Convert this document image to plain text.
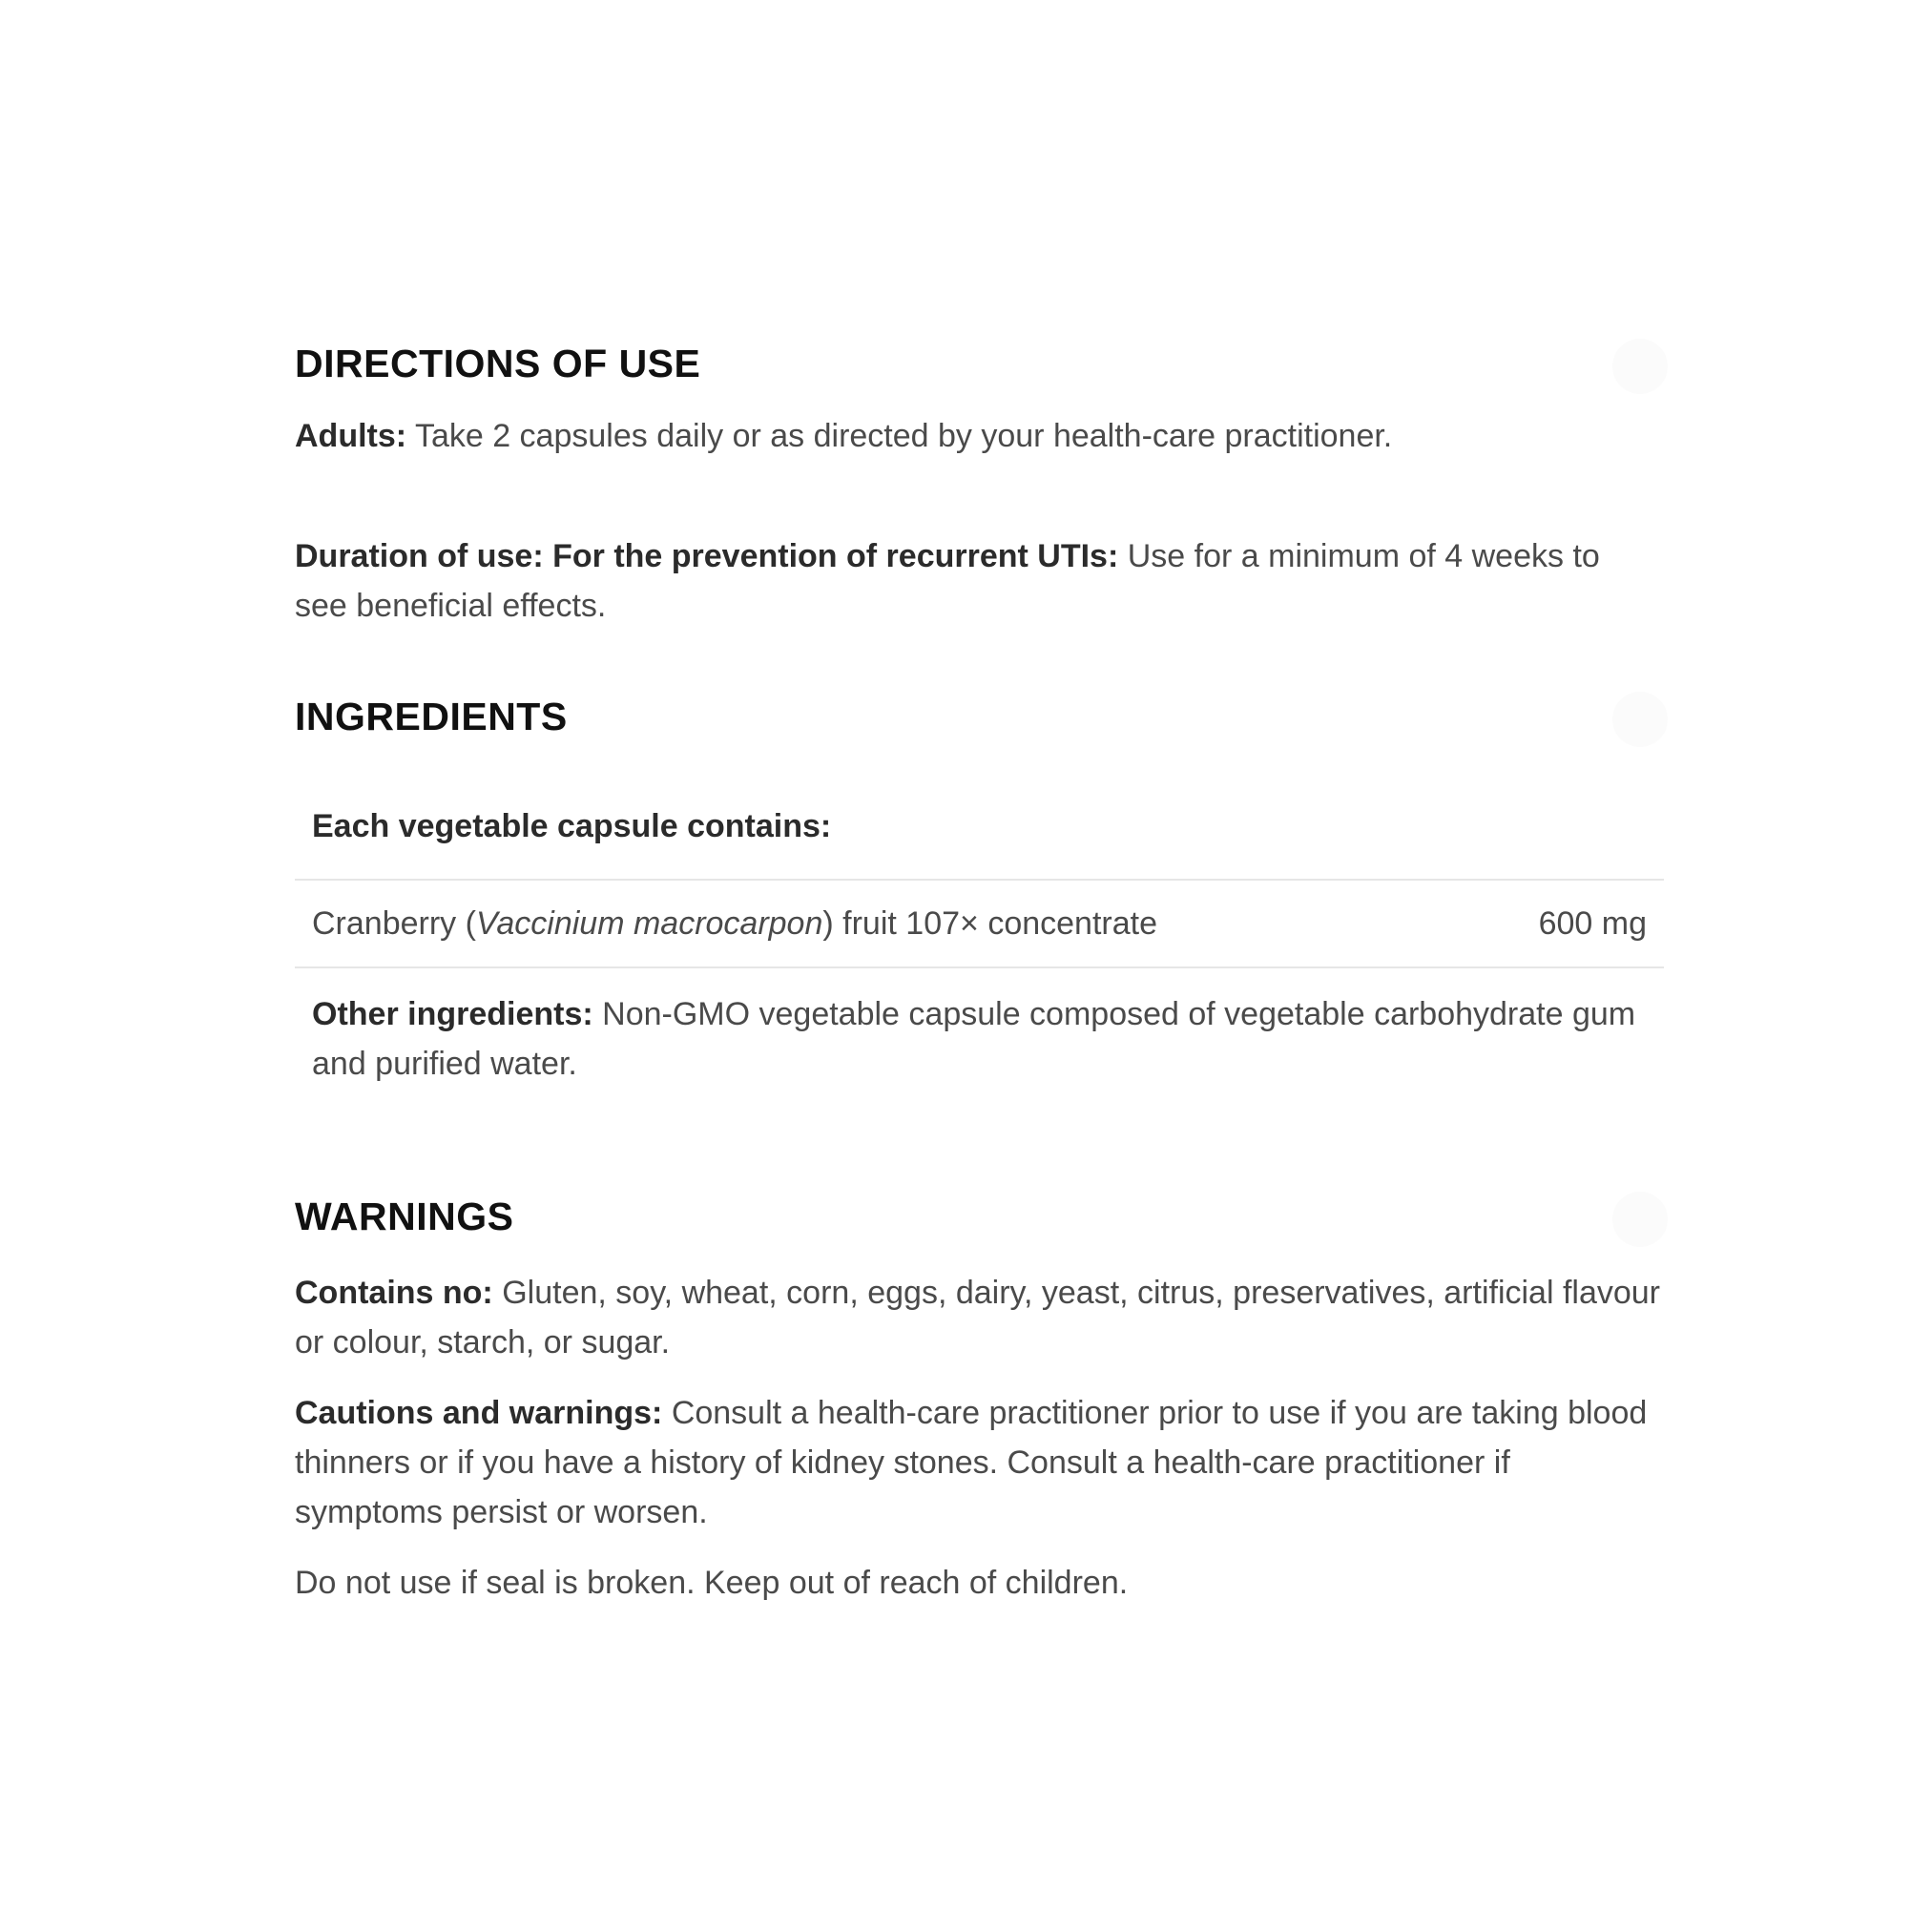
DIRECTIONS OF USE

Adults: Take 2 capsules daily or as directed by your health-care practitioner.

Duration of use: For the prevention of recurrent UTIs: Use for a minimum of 4 weeks to see beneficial effects.

INGREDIENTS
Each vegetable capsule contains:
Cranberry (Vaccinium macrocarpon) fruit 107× concentrate	600 mg
Other ingredients: Non-GMO vegetable capsule composed of vegetable carbohydrate gum and purified water.
WARNINGS

Contains no: Gluten, soy, wheat, corn, eggs, dairy, yeast, citrus, preservatives, artificial flavour or colour, starch, or sugar.

Cautions and warnings: Consult a health-care practitioner prior to use if you are taking blood thinners or if you have a history of kidney stones. Consult a health-care practitioner if symptoms persist or worsen.

Do not use if seal is broken. Keep out of reach of children.
